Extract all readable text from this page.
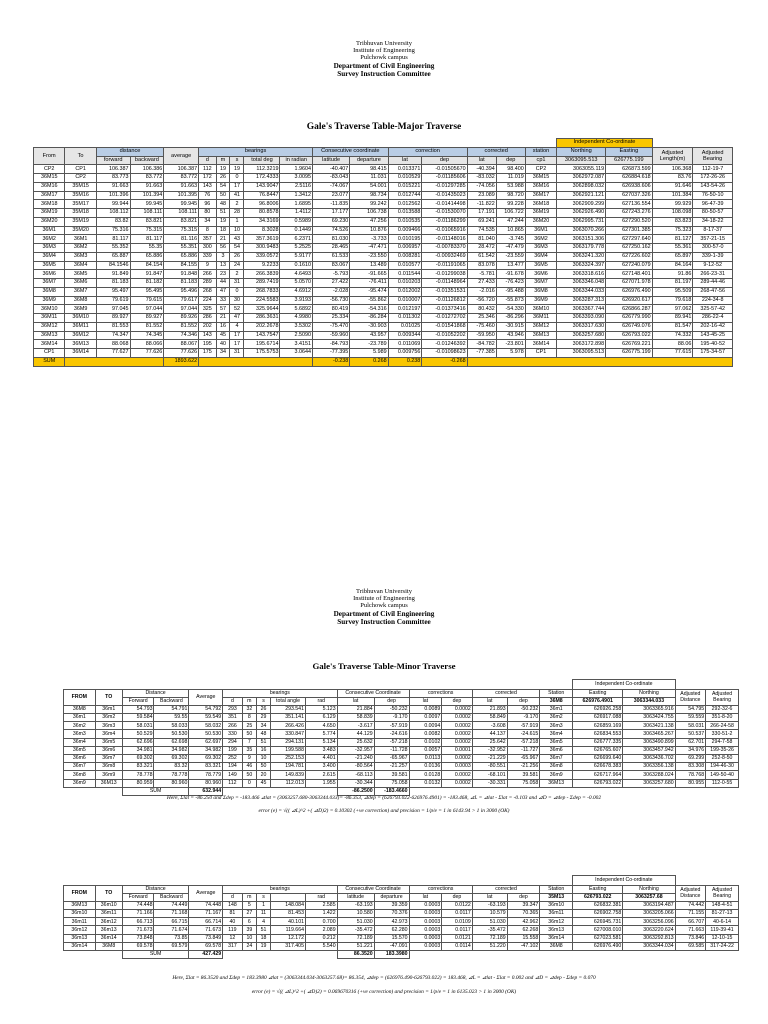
Tribhuvan University
Institute of Engineering
Pulchowk campus
Department of Civil Engineering
Survey Instruction Committee
Gale's Traverse Table-Major Traverse
																	Independent Co-ordinate			
From	To	distance		average	bearings					Consecutive coordinate		correction		corrected		station	Northing	Easting	Adjusted Length(m)	Adjusted Bearing
		forward	backward		d	m	s	total deg	in radian	latitude	departure	lat	dep	lat	dep	cp1	3063095.513	626775.199		
CP2	CP1	106.387	106.386	106.387	112	19	19	112.3219	1.9604	-40.407	98.415	0.013371	-0.01505670	-40.394	98.400	CP2	3063055.119	626873.599	106.368	112-19-7
36M15	CP2	83.773	83.772	83.772	172	26	0	172.4333	3.0095	-83.043	11.031	0.010529	-0.01185606	-83.032	11.019	36M15	3062972.087	626884.618	83.76	172-26-26
36M16	35M15	91.663	91.663	91.663	143	54	17	143.9047	2.5116	-74.067	54.001	0.015221	-0.01297285	-74.056	53.988	36M16	3062898.032	626938.606	91.646	143-54-26
36M17	35M16	101.396	101.394	101.395	76	50	41	76.8447	1.3412	23.077	98.734	0.012744	-0.01435023	23.089	98.720	36M17	3062921.121	627037.326	101.384	76-50-10
36M18	35M17	99.944	99.945	99.945	96	48	2	96.8006	1.6895	-11.835	99.242	0.012562	-0.01414498	-11.822	99.228	36M18	3062909.299	627136.554	99.929	96-47-39
36M19	35M18	108.112	108.111	108.111	80	51	28	80.8578	1.4112	17.177	106.738	0.013588	-0.01530070	17.191	106.722	36M19	3062926.490	627243.276	108.098	80-50-57
36M20	35M19	83.82	83.821	83.821	34	19	1	34.3169	0.5989	69.230	47.256	0.010535	-0.01186299	69.241	47.244	36M20	3062995.731	627290.520	83.823	34-18-22
36M1	35M20	75.316	75.315	75.315	8	18	10	8.3028	0.1449	74.526	10.876	0.009466	-0.01065916	74.535	10.865	36M1	3063070.266	627301.385	75.323	8-17-37
36M2	36M1	81.117	81.117	81.116	357	21	43	357.3619	6.2371	81.030	-3.733	0.010195	-0.01148016	81.040	-3.745	36M2	3063151.306	627297.640	81.127	357-21-15
36M3	36M2	55.352	55.35	55.351	300	56	54	300.9483	5.2525	28.465	-47.471	0.006957	-0.00783370	28.472	-47.479	36M3	3063179.778	627250.162	55.361	300-57-0
36M4	36M3	65.887	65.886	65.886	339	3	26	339.0572	5.9177	61.533	-23.550	0.008281	-0.00932469	61.542	-23.559	36M4	3063241.320	627226.602	65.897	339-1-39
36M5	36M4	84.1546	84.154	84.155	9	13	24	9.2233	0.1610	83.067	13.489	0.010577	-0.01191065	83.078	13.477	36M5	3063324.397	627240.079	84.164	9-12-52
36M6	36M5	91.849	91.847	91.848	266	23	2	266.3839	4.6493	-5.793	-91.665	0.011544	-0.01299038	-5.781	-91.678	36M6	3063318.616	627148.401	91.86	266-23-31
36M7	36M6	81.183	81.182	81.183	289	44	31	289.7419	5.0570	27.422	-76.411	0.010203	-0.01148964	27.433	-76.423	36M7	3063346.048	627071.978	81.197	289-44-46
36M8	36M7	95.497	95.495	95.496	268	47	0	268.7833	4.6912	-2.028	-95.474	0.012002	-0.01351531	-2.016	-95.488	36M8	3063344.033	626976.490	95.509	268-47-56
36M9	36M8	79.619	79.615	79.617	224	33	30	224.5583	3.9193	-56.730	-55.862	0.010007	-0.01126812	-56.720	-55.873	36M9	3063287.313	626920.617	79.618	224-34-8
36M10	36M9	97.045	97.044	97.044	325	57	52	325.9644	5.6892	80.419	-54.316	0.012197	-0.01373416	80.432	-54.330	36M10	3063367.744	626866.287	97.062	325-57-42
36M11	36M10	89.927	89.927	89.926	286	21	47	286.3631	4.9980	25.334	-86.284	0.011302	-0.01272702	25.346	-86.296	36M11	3063393.090	626779.990	89.941	286-22-4
36M12	36M11	81.553	81.552	81.552	202	16	4	202.2678	3.5302	-75.470	-30.903	0.01025	-0.01541868	-75.460	-30.915	36M12	3063317.630	626749.076	81.547	202-16-42
36M13	36M12	74.347	74.345	74.346	143	45	17	143.7547	2.5090	-59.960	43.957	0.009344	-0.01052202	-59.950	43.946	36M13	3063257.680	626793.022	74.332	143-45-25
36M14	36M13	88.068	88.066	88.067	195	40	17	195.6714	3.4151	-84.793	-23.789	0.011069	-0.01246392	-84.782	-23.801	36M14	3063172.898	626769.221	88.06	195-40-52
CP1	36M14	77.627	77.626	77.626	175	34	31	175.5753	3.0644	-77.395	5.989	0.009756	-0.01098623	-77.385	5.978	CP1	3063095.513	626775.199	77.615	175-34-57
SUM				1893.622						-0.238	0.268	0.238	-0.268							
Tribhuvan University
Institute of Engineering
Pulchowk campus
Department of Civil Engineering
Survey Instruction Committee
Gale's Traverse Table-Minor Traverse
																	Independent Co-ordinate			
FROM	TO	Distance		Average	bearings					Consecutive Coordinate		corrections		corrected		Station	Easting	Northing	Adjusted Distance	Adjusted Bearing
		Forward	Backward		d	m	s	total angle	rad	lat	dep	lat	dep	lat	dep	36M8	626976.4901	3063344.033		
36M8	36m1	54.793	54.791	54.792	293	32	26	293.541	5.123	21.884	-50.232	0.0089	0.0002	21.893	-50.232	36m1	626926.258	3063365.916	54.795	292-32-6
36m1	36m2	59.584	59.55	59.549	351	8	29	351.141	6.129	58.839	-9.170	0.0097	0.0002	58.849	-9.170	36m2	626917.088	3063424.755	59.559	351-8-20
36m2	36m3	58.031	58.033	58.032	266	25	34	266.426	4.650	-3.617	-57.919	0.0094	0.0002	-3.608	-57.919	36m3	626859.169	3063421.138	58.031	266-24-58
36m3	36m4	50.529	50.530	50.530	330	50	48	330.847	5.774	44.129	-24.616	0.0082	0.0002	44.137	-24.615	36m4	626834.553	3063465.267	50.537	330-51-2
36m4	36m5	62.696	62.698	62.697	294	7	51	294.131	5.134	25.632	-57.218	0.0102	0.0002	25.642	-57.218	36m5	626777.335	3063490.899	62.701	294-7-58
36m5	36m6	34.981	34.982	34.982	199	35	16	199.588	3.483	-32.957	-11.728	0.0057	0.0001	-32.952	-11.727	36m6	626765.607	3063457.942	34.976	199-35-26
36m6	36m7	69.302	69.302	69.302	252	9	10	252.153	4.401	-21.240	-65.967	0.0113	0.0002	-21.229	-65.967	36m7	626699.640	3063436.702	69.299	252-8-50
36m7	36m8	83.321	83.32	83.321	194	46	50	194.781	3.400	-80.564	-21.257	0.0136	0.0003	-80.551	-21.256	36m8	626678.383	3063356.138	83.308	194-46-30
36m8	36m9	78.778	78.778	78.779	149	50	20	149.839	2.615	-68.113	39.581	0.0128	0.0002	-68.101	39.581	36m9	626717.964	3063288.024	78.768	149-50-40
36m9	36M13	80.959	80.960	80.960	112	0	45	112.013	1.955	-30.344	75.058	0.0132	0.0002	-30.331	75.058	36M13	626793.022	3063257.680	80.955	112-0-55
		SUM		632.944						-86.2500	-183.4660									
Here, Σlat = -86.250 and Σdep = -183.466 ⊿lat = (3063257.680-3063344.033)= -86.353, ⊿dep = (626793.022-626976.4901) = -183.468, ⊿L = ⊿lat - Σlat = -0.103 and ⊿D = ⊿dep - Σdep = -0.002
error (e) = √(( ⊿L)^2 +( ⊿D)2) = 0.10302 (+ve correction) and precision = 1/p/e = 1 in 6143.94 > 1 in 3000 (OK)
																	Independent Co-ordinate			
FROM	TO	Distance		Average	bearings					Consecutive Coordinate		corrections		corrected		Station	Easting	Northing	Adjusted Distance	Adjusted Bearing
		Forward	Backward		d	m	s		rad	latitude	departure	lat	dep	lat	dep	35M13	626793.022	3063257.68		
36M13	36m10	74.448	74.449	74.448	148	5	1	148.084	2.585	-63.193	39.359	0.0003	0.0122	-63.193	39.347	36m10	626832.381	3063194.487	74.442	148-4-51
36m10	36m11	71.166	71.168	71.167	81	27	11	81.453	1.422	10.580	70.376	0.0003	0.0117	10.579	70.365	36m11	626902.758	3063205.066	71.155	81-27-13
36m11	36m12	66.713	66.715	66.714	40	6	4	40.101	0.700	51.030	42.973	0.0003	0.0109	51.030	42.962	36m12	626945.731	3063256.096	66.707	40-6-14
36m12	36m13	71.673	71.674	71.673	119	39	51	119.664	2.089	-35.472	62.280	0.0003	0.0117	-35.472	62.268	36m13	627008.010	3063220.624	71.663	119-39-41
36m13	36m14	73.848	73.85	73.849	12	10	18	12.172	0.212	72.189	15.570	0.0003	0.0121	72.189	15.558	36m14	627023.581	3063292.813	73.846	12-10-15
36m14	36M8	69.578	69.579	69.578	317	24	19	317.405	5.540	51.221	-47.091	0.0003	0.0114	51.220	-47.102	36M8	626976.490	3063344.034	69.585	317-24-22
		SUM		427.429						86.3520	183.3980									
Here, Σlat = 86.3520 and Σdep = 183.3980 ⊿lat = (3063344.034-3063257.68)= 86.354, ⊿dep = (626976.490-626793.022) = 183.468, ⊿L = ⊿lat - Σlat = 0.002 and ⊿D = ⊿dep - Σdep = 0.070
error (e) = √(( ⊿L)^2 +( ⊿D)2) = 0.069670316 (+ve correction) and precision = 1/p/e = 1 in 6135.023 > 1 in 3000 (OK)
